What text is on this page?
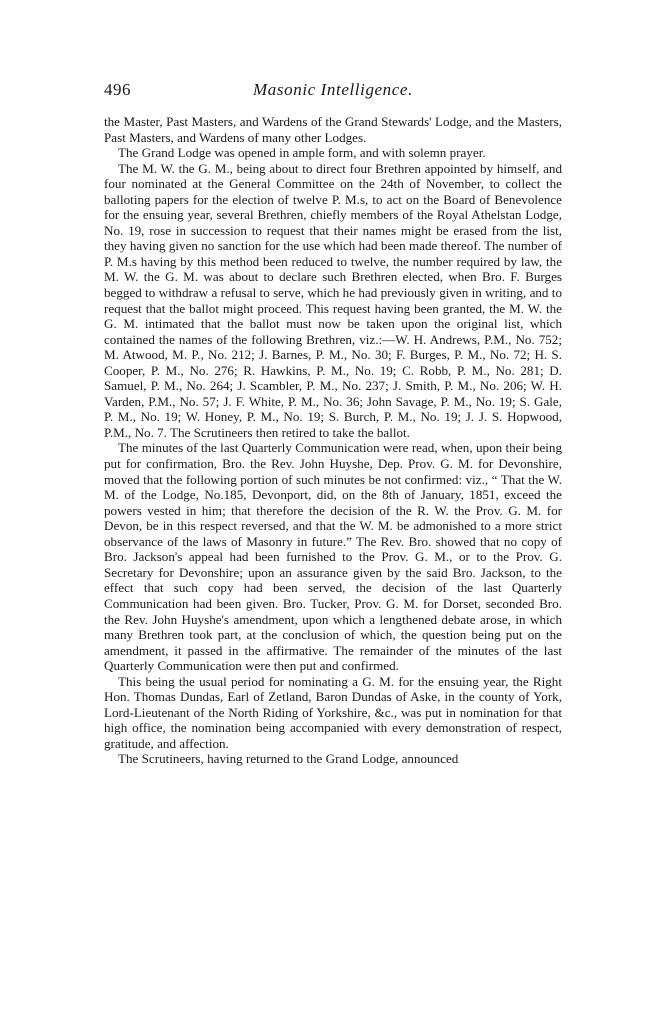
496	Masonic Intelligence.

the Master, Past Masters, and Wardens of the Grand Stewards' Lodge, and the Masters, Past Masters, and Wardens of many other Lodges.

The Grand Lodge was opened in ample form, and with solemn prayer.

The M. W. the G. M., being about to direct four Brethren appointed by himself, and four nominated at the General Committee on the 24th of November, to collect the balloting papers for the election of twelve P. M.s, to act on the Board of Benevolence for the ensuing year, several Brethren, chiefly members of the Royal Athelstan Lodge, No. 19, rose in succession to request that their names might be erased from the list, they having given no sanction for the use which had been made thereof. The number of P. M.s having by this method been reduced to twelve, the number required by law, the M. W. the G. M. was about to declare such Brethren elected, when Bro. F. Burges begged to withdraw a refusal to serve, which he had previously given in writing, and to request that the ballot might proceed. This request having been granted, the M. W. the G. M. intimated that the ballot must now be taken upon the original list, which contained the names of the following Brethren, viz.:—W. H. Andrews, P.M., No. 752; M. Atwood, M. P., No. 212; J. Barnes, P. M., No. 30; F. Burges, P. M., No. 72; H. S. Cooper, P. M., No. 276; R. Hawkins, P. M., No. 19; C. Robb, P. M., No. 281; D. Samuel, P. M., No. 264; J. Scambler, P. M., No. 237; J. Smith, P. M., No. 206; W. H. Varden, P.M., No. 57; J. F. White, P. M., No. 36; John Savage, P. M., No. 19; S. Gale, P. M., No. 19; W. Honey, P. M., No. 19; S. Burch, P. M., No. 19; J. J. S. Hopwood, P.M., No. 7. The Scrutineers then retired to take the ballot.

The minutes of the last Quarterly Communication were read, when, upon their being put for confirmation, Bro. the Rev. John Huyshe, Dep. Prov. G. M. for Devonshire, moved that the following portion of such minutes be not confirmed: viz., “ That the W. M. of the Lodge, No.185, Devonport, did, on the 8th of January, 1851, exceed the powers vested in him; that therefore the decision of the R. W. the Prov. G. M. for Devon, be in this respect reversed, and that the W. M. be admonished to a more strict observance of the laws of Masonry in future.” The Rev. Bro. showed that no copy of Bro. Jackson's appeal had been furnished to the Prov. G. M., or to the Prov. G. Secretary for Devonshire; upon an assurance given by the said Bro. Jackson, to the effect that such copy had been served, the decision of the last Quarterly Communication had been given. Bro. Tucker, Prov. G. M. for Dorset, seconded Bro. the Rev. John Huyshe's amendment, upon which a lengthened debate arose, in which many Brethren took part, at the conclusion of which, the question being put on the amendment, it passed in the affirmative. The remainder of the minutes of the last Quarterly Communication were then put and confirmed.

This being the usual period for nominating a G. M. for the ensuing year, the Right Hon. Thomas Dundas, Earl of Zetland, Baron Dundas of Aske, in the county of York, Lord-Lieutenant of the North Riding of Yorkshire, &c., was put in nomination for that high office, the nomination being accompanied with every demonstration of respect, gratitude, and affection.

The Scrutineers, having returned to the Grand Lodge, announced
